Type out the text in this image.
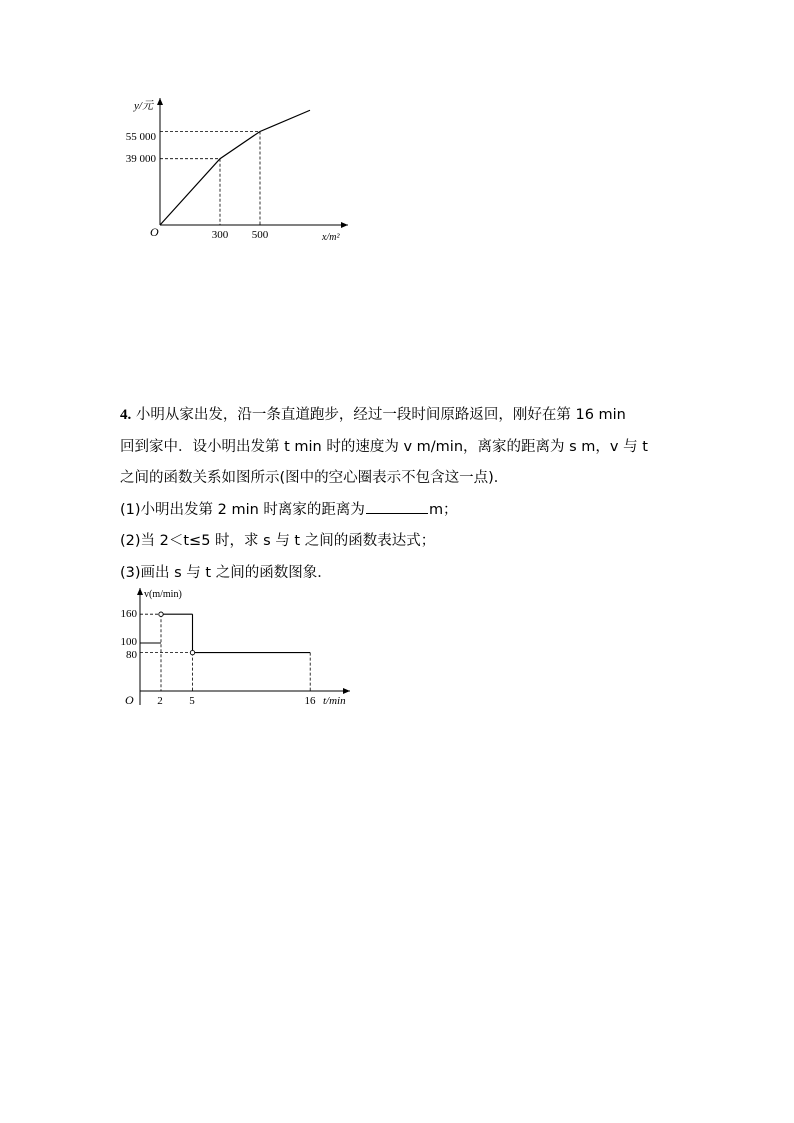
y/元
x/m²
O
55 000
39 000
300 500
4. 小明从家出发，沿一条直道跑步，经过一段时间原路返回，刚好在第 16 min
回到家中．设小明出发第 t min 时的速度为 v m/min，离家的距离为 s m，v 与 t
之间的函数关系如图所示(图中的空心圈表示不包含这一点)．
(1)小明出发第 2 min 时离家的距离为	m；
(2)当 2＜t≤5 时，求 s 与 t 之间的函数表达式；
(3)画出 s 与 t 之间的函数图象．
v(m/min)
t/min
O
160
100
80
2 5	16
